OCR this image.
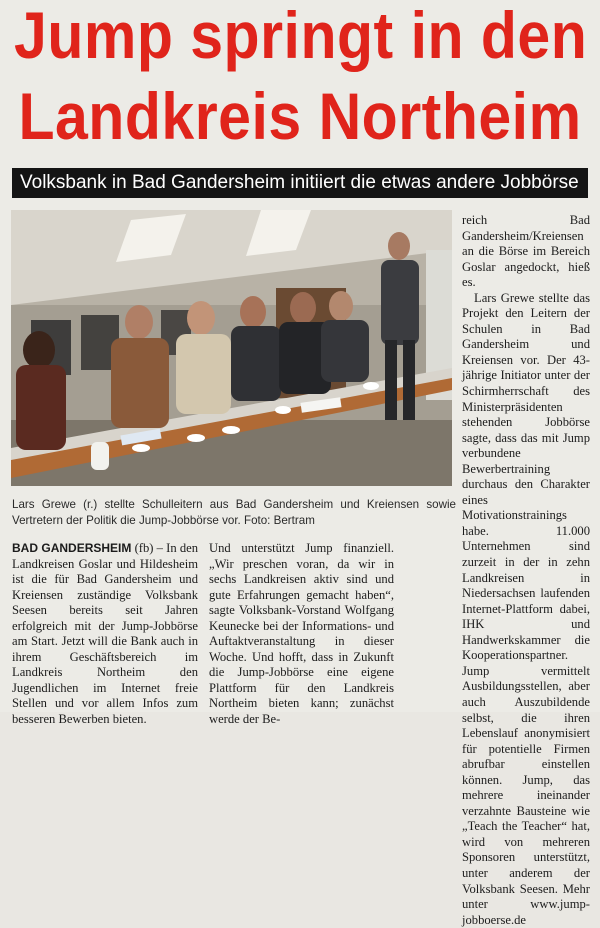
Jump springt in den
Landkreis Northeim
Volksbank in Bad Gandersheim initiiert die etwas andere Jobbörse
Lars Grewe (r.) stellte Schulleitern aus Bad Gandersheim und Kreiensen sowie Vertretern der Politik die Jump-Jobbörse vor. Foto: Bertram

reich Bad Gandersheim/Kreiensen an die Börse im Bereich Goslar angedockt, hieß es.

Lars Grewe stellte das Projekt den Leitern der Schulen in Bad Gandersheim und Kreiensen vor. Der 43-jährige Initiator unter der Schirmherrschaft des Ministerpräsidenten stehenden Jobbörse sagte, dass das mit Jump verbundene Bewerbertraining durchaus den Charakter eines Motivationstrainings habe. 11.000 Unternehmen sind zurzeit in der in zehn Landkreisen in Niedersachsen laufenden Internet-Plattform dabei, IHK und Handwerkskammer die Kooperationspartner. Jump vermittelt Ausbildungsstellen, aber auch Auszubildende selbst, die ihren Lebenslauf anonymisiert für potentielle Firmen abrufbar einstellen können. Jump, das mehrere ineinander verzahnte Bausteine wie „Teach the Teacher“ hat, wird von mehreren Sponsoren unterstützt, unter anderem der Volksbank Seesen. Mehr unter www.jump-jobboerse.de

BAD GANDERSHEIM (fb) – In den Landkreisen Goslar und Hildesheim ist die für Bad Gandersheim und Kreiensen zuständige Volksbank Seesen bereits seit Jahren erfolgreich mit der Jump-Jobbörse am Start. Jetzt will die Bank auch in ihrem Geschäftsbereich im Landkreis Northeim den Jugendlichen im Internet freie Stellen und vor allem Infos zum besseren Bewerben bieten.

Und unterstützt Jump finanziell. „Wir preschen voran, da wir in sechs Landkreisen aktiv sind und gute Erfahrungen gemacht haben“, sagte Volksbank-Vorstand Wolfgang Keunecke bei der Informations- und Auftaktveranstaltung in dieser Woche. Und hofft, dass in Zukunft die Jump-Jobbörse eine eigene Plattform für den Landkreis Northeim bieten kann; zunächst werde der Be-
